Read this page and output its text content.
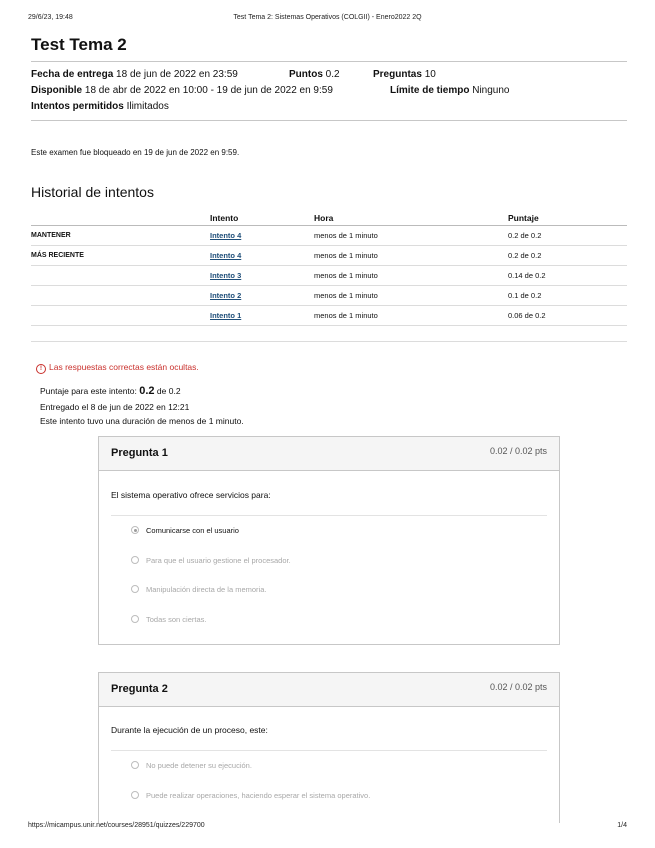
29/6/23, 19:48	Test Tema 2: Sistemas Operativos (COLGII) - Enero2022 2Q
Test Tema 2
Fecha de entrega 18 de jun de 2022 en 23:59	Puntos 0.2	Preguntas 10
Disponible 18 de abr de 2022 en 10:00 - 19 de jun de 2022 en 9:59	Límite de tiempo Ninguno
Intentos permitidos Ilimitados
Este examen fue bloqueado en 19 de jun de 2022 en 9:59.
Historial de intentos
	Intento	Hora	Puntaje
MANTENER	Intento 4	menos de 1 minuto	0.2 de 0.2
MÁS RECIENTE	Intento 4	menos de 1 minuto	0.2 de 0.2
	Intento 3	menos de 1 minuto	0.14 de 0.2
	Intento 2	menos de 1 minuto	0.1 de 0.2
	Intento 1	menos de 1 minuto	0.06 de 0.2
! Las respuestas correctas están ocultas.
Puntaje para este intento: 0.2 de 0.2
Entregado el 8 de jun de 2022 en 12:21
Este intento tuvo una duración de menos de 1 minuto.
Pregunta 1	0.02 / 0.02 pts
El sistema operativo ofrece servicios para:
Comunicarse con el usuario
Para que el usuario gestione el procesador.
Manipulación directa de la memoria.
Todas son ciertas.
Pregunta 2	0.02 / 0.02 pts
Durante la ejecución de un proceso, este:
No puede detener su ejecución.
Puede realizar operaciones, haciendo esperar el sistema operativo.
https://micampus.unir.net/courses/28951/quizzes/229700	1/4
